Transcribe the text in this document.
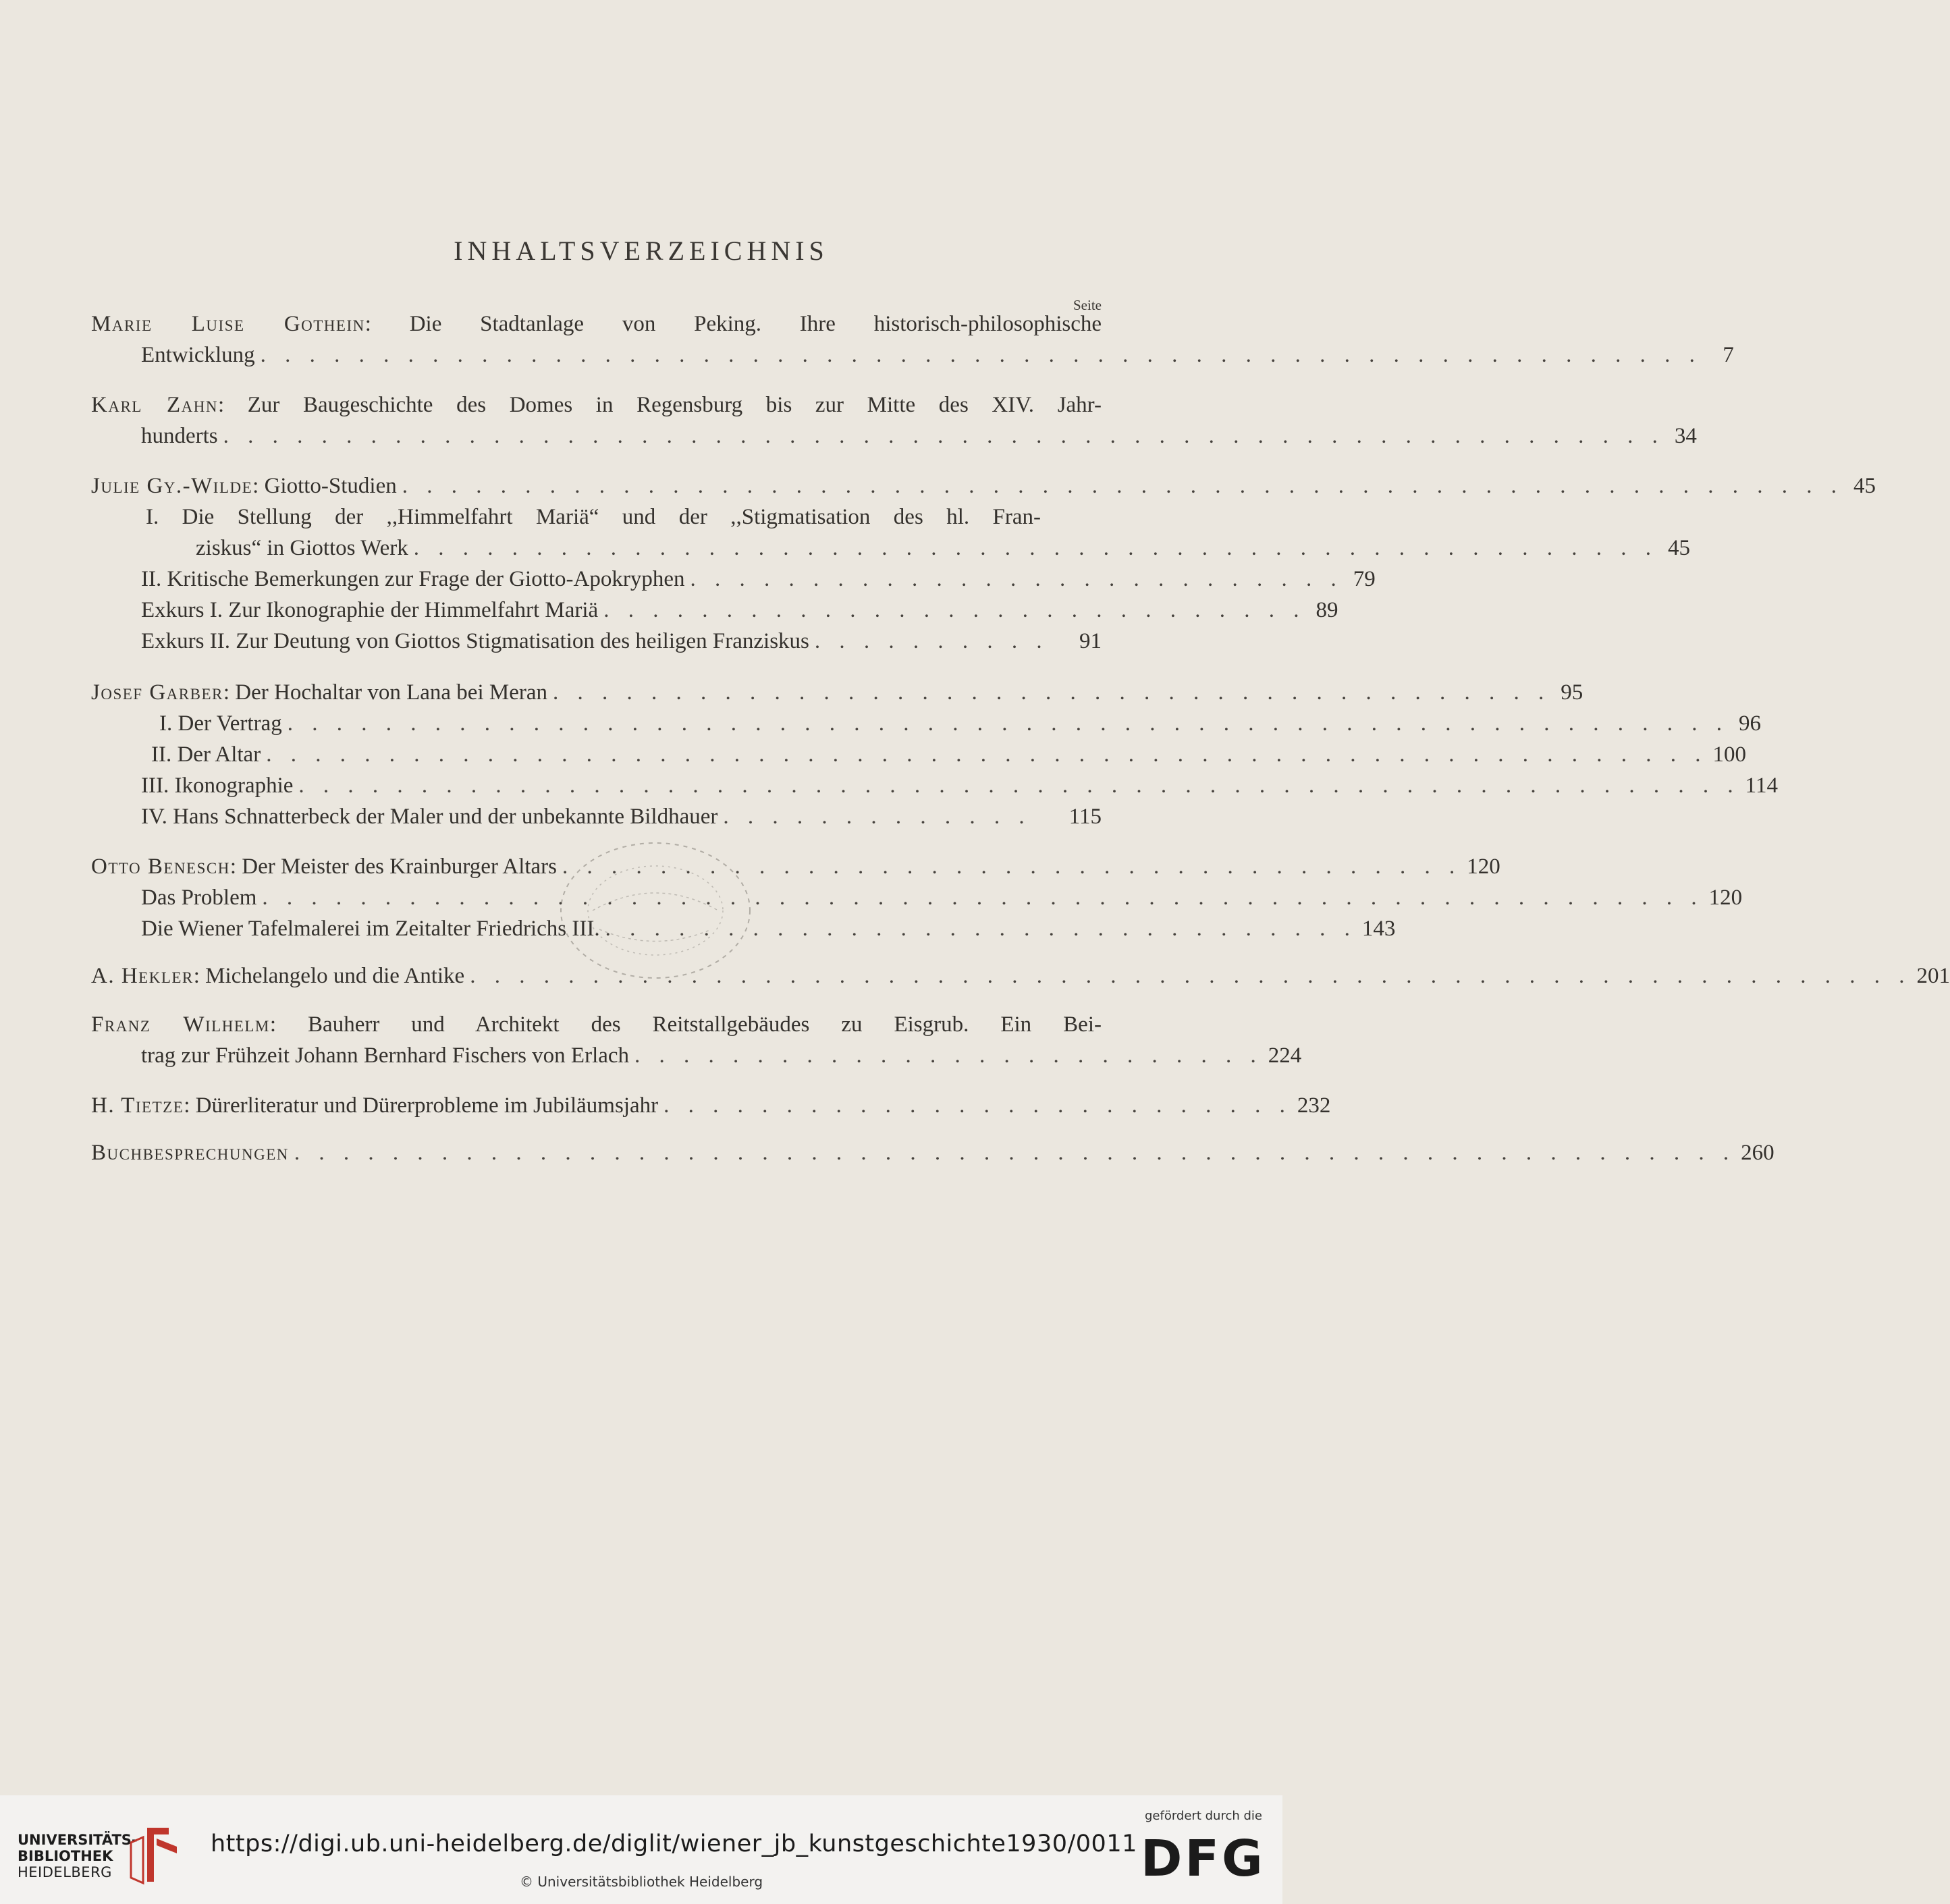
INHALTSVERZEICHNIS
Seite
Marie Luise Gothein: Die Stadtanlage von Peking. Ihre historisch-philosophische
Entwicklung . . . . . . . . . . . . . . . . . . . . . . . . . . . . . . . . . . . . . . . . . . . . . . . . . . . . . . . . . . . 7
Karl Zahn: Zur Baugeschichte des Domes in Regensburg bis zur Mitte des XIV. Jahr-
hunderts . . . . . . . . . . . . . . . . . . . . . . . . . . . . . . . . . . . . . . . . . . . . . . . . . . . . . . . . . . . 34
Julie Gy.-Wilde: Giotto-Studien . . . . . . . . . . . . . . . . . . . . . . . . . . . . . . . . . . . . . . . . . . . . . . . . . . . . . . . . . . . 45
I. Die Stellung der ,,Himmelfahrt Mariä“ und der ,,Stigmatisation des hl. Fran-
ziskus“ in Giottos Werk . . . . . . . . . . . . . . . . . . . . . . . . . . . . . . . . . . . . . . . . . . . . . . . . . . . 45
II. Kritische Bemerkungen zur Frage der Giotto-Apokryphen . . . . . . . . . . . . . . . . . . . . . . . . . . . 79
Exkurs I. Zur Ikonographie der Himmelfahrt Mariä . . . . . . . . . . . . . . . . . . . . . . . . . . . . . 89
Exkurs II. Zur Deutung von Giottos Stigmatisation des heiligen Franziskus . . . . . . . . . .	91
Josef Garber: Der Hochaltar von Lana bei Meran . . . . . . . . . . . . . . . . . . . . . . . . . . . . . . . . . . . . . . . . . 95
I. Der Vertrag . . . . . . . . . . . . . . . . . . . . . . . . . . . . . . . . . . . . . . . . . . . . . . . . . . . . . . . . . . . 96
II. Der Altar . . . . . . . . . . . . . . . . . . . . . . . . . . . . . . . . . . . . . . . . . . . . . . . . . . . . . . . . . . . 100
III. Ikonographie . . . . . . . . . . . . . . . . . . . . . . . . . . . . . . . . . . . . . . . . . . . . . . . . . . . . . . . . . . . 114
IV. Hans Schnatterbeck der Maler und der unbekannte Bildhauer . . . . . . . . . . . . .	115
Otto Benesch: Der Meister des Krainburger Altars . . . . . . . . . . . . . . . . . . . . . . . . . . . . . . . . . . . . . 120
Das Problem . . . . . . . . . . . . . . . . . . . . . . . . . . . . . . . . . . . . . . . . . . . . . . . . . . . . . . . . . . . 120
Die Wiener Tafelmalerei im Zeitalter Friedrichs III. . . . . . . . . . . . . . . . . . . . . . . . . . . . . . . . 143
A. Hekler: Michelangelo und die Antike . . . . . . . . . . . . . . . . . . . . . . . . . . . . . . . . . . . . . . . . . . . . . . . . . . . . . . . . . . . 201
Franz Wilhelm: Bauherr und Architekt des Reitstallgebäudes zu Eisgrub. Ein Bei-
trag zur Frühzeit Johann Bernhard Fischers von Erlach . . . . . . . . . . . . . . . . . . . . . . . . . . 224
H. Tietze: Dürerliteratur und Dürerprobleme im Jubiläumsjahr . . . . . . . . . . . . . . . . . . . . . . . . . . 232
Buchbesprechungen . . . . . . . . . . . . . . . . . . . . . . . . . . . . . . . . . . . . . . . . . . . . . . . . . . . . . . . . . . . 260
UNIVERSITÄTS-
BIBLIOTHEK
HEIDELBERG
https://digi.ub.uni-heidelberg.de/diglit/wiener_jb_kunstgeschichte1930/0011
© Universitätsbibliothek Heidelberg
gefördert durch die
DFG
